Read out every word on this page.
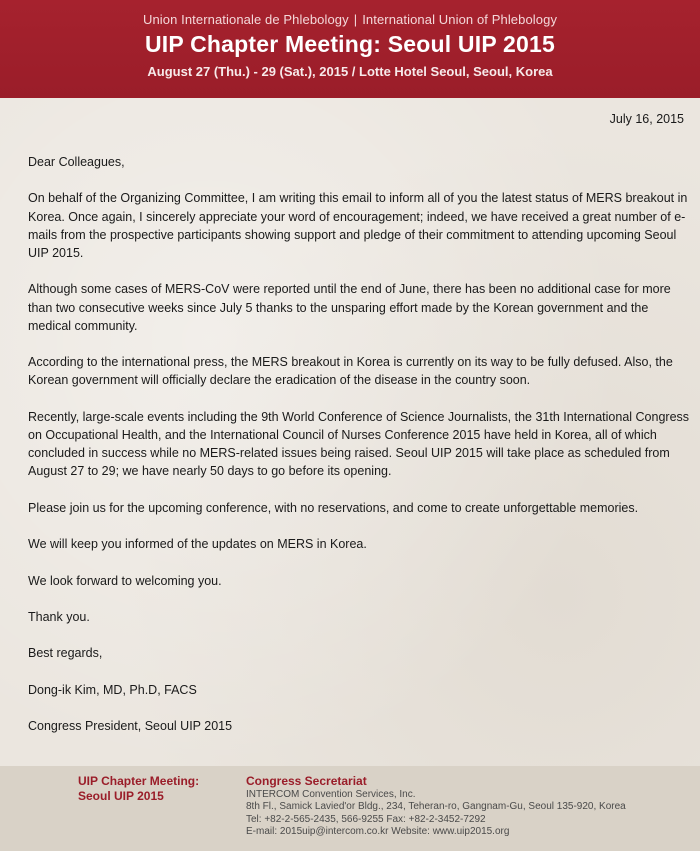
Union Internationale de Phlebology | International Union of Phlebology
UIP Chapter Meeting: Seoul UIP 2015
August 27 (Thu.) - 29 (Sat.), 2015 / Lotte Hotel Seoul, Seoul, Korea
July 16, 2015

Dear Colleagues,

On behalf of the Organizing Committee, I am writing this email to inform all of you the latest status of MERS breakout in Korea. Once again, I sincerely appreciate your word of encouragement; indeed, we have received a great number of e-mails from the prospective participants showing support and pledge of their commitment to attending upcoming Seoul UIP 2015.

Although some cases of MERS-CoV were reported until the end of June, there has been no additional case for more than two consecutive weeks since July 5 thanks to the unsparing effort made by the Korean government and the medical community.

According to the international press, the MERS breakout in Korea is currently on its way to be fully defused. Also, the Korean government will officially declare the eradication of the disease in the country soon.

Recently, large-scale events including the 9th World Conference of Science Journalists, the 31th International Congress on Occupational Health, and the International Council of Nurses Conference 2015 have held in Korea, all of which concluded in success while no MERS-related issues being raised. Seoul UIP 2015 will take place as scheduled from August 27 to 29; we have nearly 50 days to go before its opening.

Please join us for the upcoming conference, with no reservations, and come to create unforgettable memories.

We will keep you informed of the updates on MERS in Korea.

We look forward to welcoming you.

Thank you.

Best regards,

Dong-ik Kim, MD, Ph.D, FACS

Congress President, Seoul UIP 2015

UIP Chapter Meeting:
Seoul UIP 2015
Congress Secretariat
INTERCOM Convention Services, Inc.
8th Fl., Samick Lavied'or Bldg., 234, Teheran-ro, Gangnam-Gu, Seoul 135-920, Korea
Tel: +82-2-565-2435, 566-9255 Fax: +82-2-3452-7292
E-mail: 2015uip@intercom.co.kr Website: www.uip2015.org
